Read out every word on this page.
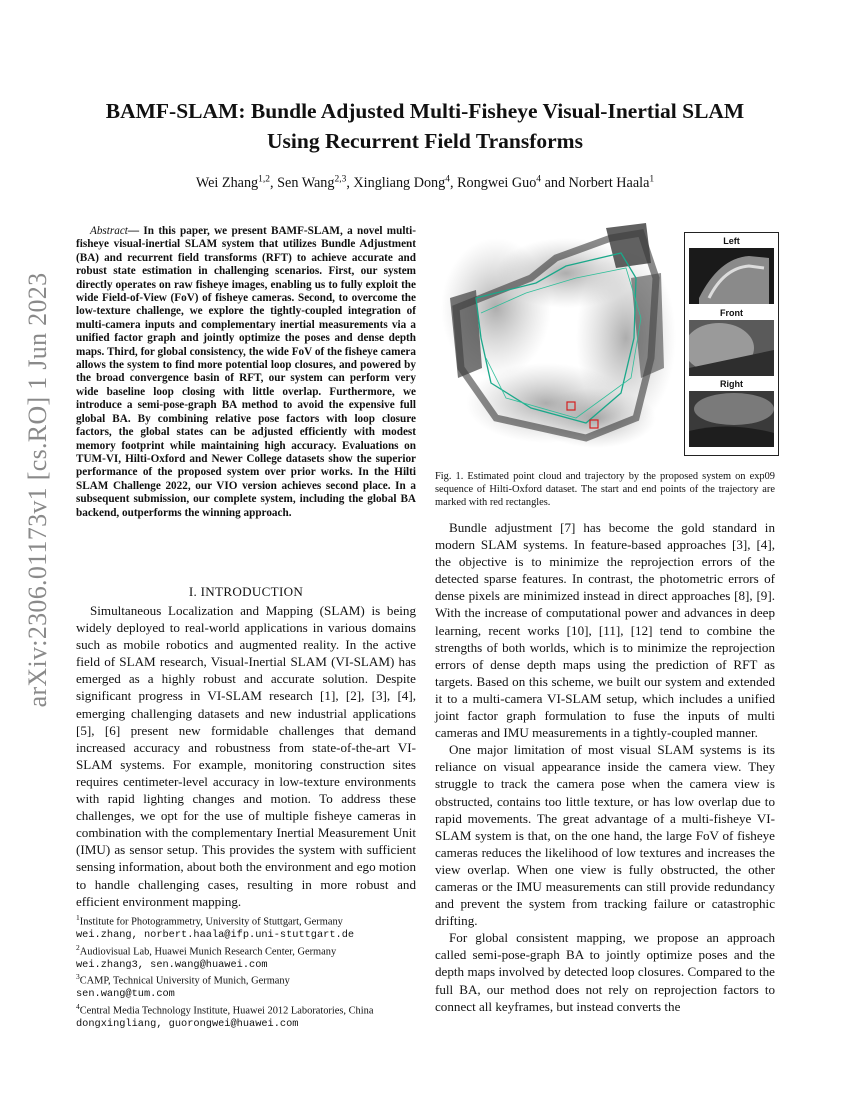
arXiv:2306.01173v1 [cs.RO] 1 Jun 2023
BAMF-SLAM: Bundle Adjusted Multi-Fisheye Visual-Inertial SLAM
Using Recurrent Field Transforms
Wei Zhang$^{1,2}$, Sen Wang$^{2,3}$, Xingliang Dong$^4$, Rongwei Guo$^4$ and Norbert Haala$^1$

Abstract— In this paper, we present BAMF-SLAM, a novel multi-fisheye visual-inertial SLAM system that utilizes Bundle Adjustment (BA) and recurrent field transforms (RFT) to achieve accurate and robust state estimation in challenging scenarios. First, our system directly operates on raw fisheye images, enabling us to fully exploit the wide Field-of-View (FoV) of fisheye cameras. Second, to overcome the low-texture challenge, we explore the tightly-coupled integration of multi-camera inputs and complementary inertial measurements via a unified factor graph and jointly optimize the poses and dense depth maps. Third, for global consistency, the wide FoV of the fisheye camera allows the system to find more potential loop closures, and powered by the broad convergence basin of RFT, our system can perform very wide baseline loop closing with little overlap. Furthermore, we introduce a semi-pose-graph BA method to avoid the expensive full global BA. By combining relative pose factors with loop closure factors, the global states can be adjusted efficiently with modest memory footprint while maintaining high accuracy. Evaluations on TUM-VI, Hilti-Oxford and Newer College datasets show the superior performance of the proposed system over prior works. In the Hilti SLAM Challenge 2022, our VIO version achieves second place. In a subsequent submission, our complete system, including the global BA backend, outperforms the winning approach.

I. INTRODUCTION

Simultaneous Localization and Mapping (SLAM) is being widely deployed to real-world applications in various domains such as mobile robotics and augmented reality. In the active field of SLAM research, Visual-Inertial SLAM (VI-SLAM) has emerged as a highly robust and accurate solution. Despite significant progress in VI-SLAM research [1], [2], [3], [4], emerging challenging datasets and new industrial applications [5], [6] present new formidable challenges that demand increased accuracy and robustness from state-of-the-art VI-SLAM systems. For example, monitoring construction sites requires centimeter-level accuracy in low-texture environments with rapid lighting changes and motion. To address these challenges, we opt for the use of multiple fisheye cameras in combination with the complementary Inertial Measurement Unit (IMU) as sensor setup. This provides the system with sufficient sensing information, about both the environment and ego motion to handle challenging cases, resulting in more robust and efficient environment mapping.

$^1$Institute for Photogrammetry, University of Stuttgart, Germany
wei.zhang, norbert.haala@ifp.uni-stuttgart.de
$^2$Audiovisual Lab, Huawei Munich Research Center, Germany
wei.zhang3, sen.wang@huawei.com
$^3$CAMP, Technical University of Munich, Germany
sen.wang@tum.com
$^4$Central Media Technology Institute, Huawei 2012 Laboratories, China
dongxingliang, guorongwei@huawei.com
Left
Front
Right
Fig. 1. Estimated point cloud and trajectory by the proposed system on exp09 sequence of Hilti-Oxford dataset. The start and end points of the trajectory are marked with red rectangles.

Bundle adjustment [7] has become the gold standard in modern SLAM systems. In feature-based approaches [3], [4], the objective is to minimize the reprojection errors of the detected sparse features. In contrast, the photometric errors of dense pixels are minimized instead in direct approaches [8], [9]. With the increase of computational power and advances in deep learning, recent works [10], [11], [12] tend to combine the strengths of both worlds, which is to minimize the reprojection errors of dense depth maps using the prediction of RFT as targets. Based on this scheme, we built our system and extended it to a multi-camera VI-SLAM setup, which includes a unified joint factor graph formulation to fuse the inputs of multi cameras and IMU measurements in a tightly-coupled manner.

One major limitation of most visual SLAM systems is its reliance on visual appearance inside the camera view. They struggle to track the camera pose when the camera view is obstructed, contains too little texture, or has low overlap due to rapid movements. The great advantage of a multi-fisheye VI-SLAM system is that, on the one hand, the large FoV of fisheye cameras reduces the likelihood of low textures and increases the view overlap. When one view is fully obstructed, the other cameras or the IMU measurements can still provide redundancy and prevent the system from tracking failure or catastrophic drifting.

For global consistent mapping, we propose an approach called semi-pose-graph BA to jointly optimize poses and the depth maps involved by detected loop closures. Compared to the full BA, our method does not rely on reprojection factors to connect all keyframes, but instead converts the
